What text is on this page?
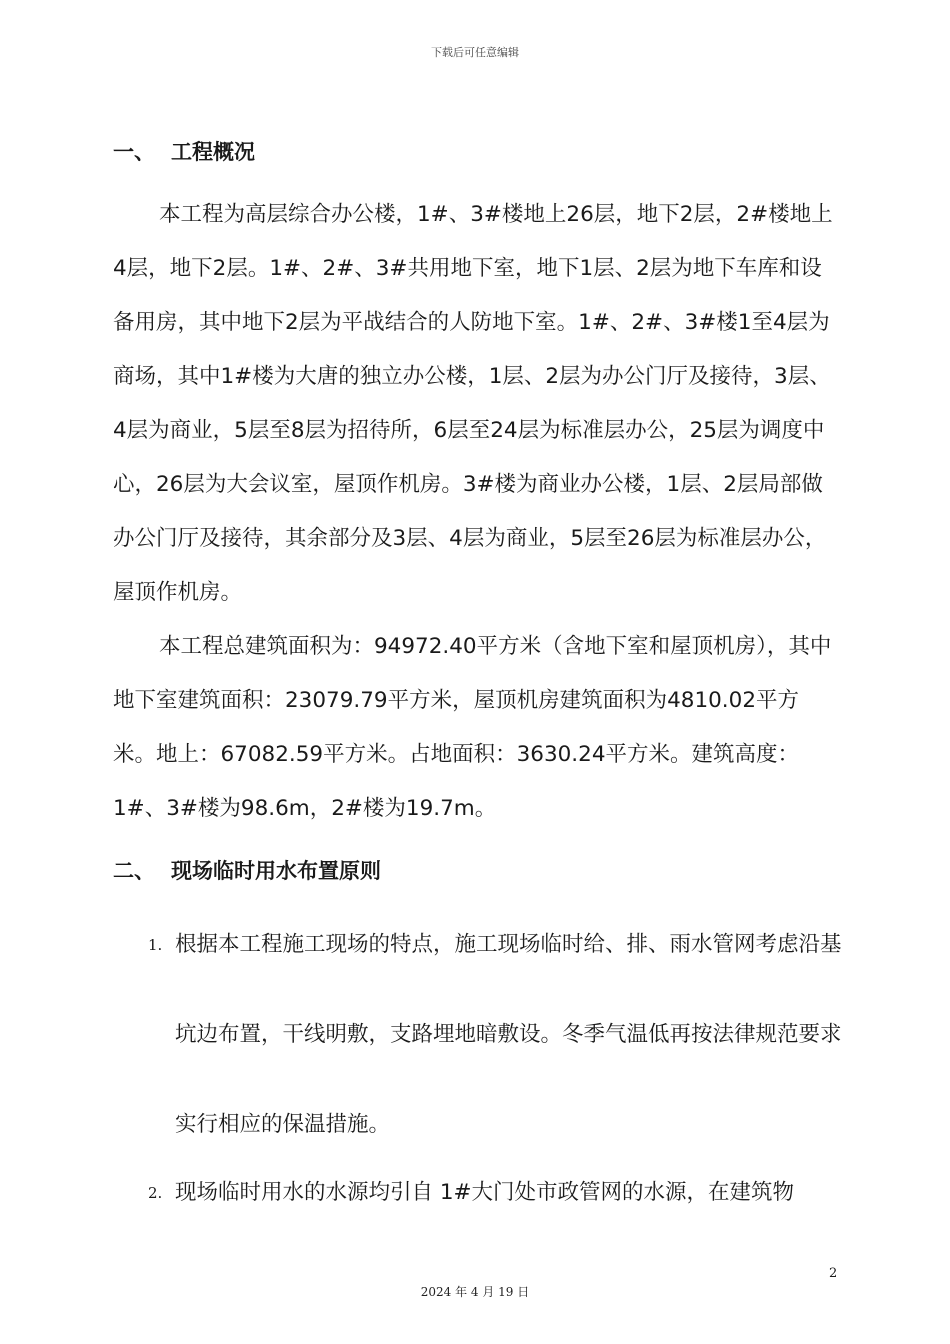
下载后可任意编辑
一、 工程概况

本工程为高层综合办公楼，1#、3#楼地上26层，地下2层，2#楼地上4层，地下2层。1#、2#、3#共用地下室，地下1层、2层为地下车库和设备用房，其中地下2层为平战结合的人防地下室。1#、2#、3#楼1至4层为商场，其中1#楼为大唐的独立办公楼，1层、2层为办公门厅及接待，3层、4层为商业，5层至8层为招待所，6层至24层为标准层办公，25层为调度中心，26层为大会议室，屋顶作机房。3#楼为商业办公楼，1层、2层局部做办公门厅及接待，其余部分及3层、4层为商业，5层至26层为标准层办公，屋顶作机房。

本工程总建筑面积为：94972.40平方米（含地下室和屋顶机房），其中地下室建筑面积：23079.79平方米，屋顶机房建筑面积为4810.02平方米。地上：67082.59平方米。占地面积：3630.24平方米。建筑高度：1#、3#楼为98.6m，2#楼为19.7m。

二、 现场临时用水布置原则
1. 根据本工程施工现场的特点，施工现场临时给、排、雨水管网考虑沿基坑边布置，干线明敷，支路埋地暗敷设。冬季气温低再按法律规范要求实行相应的保温措施。
2. 现场临时用水的水源均引自 1#大门处市政管网的水源，在建筑物
2
2024 年 4 月 19 日
